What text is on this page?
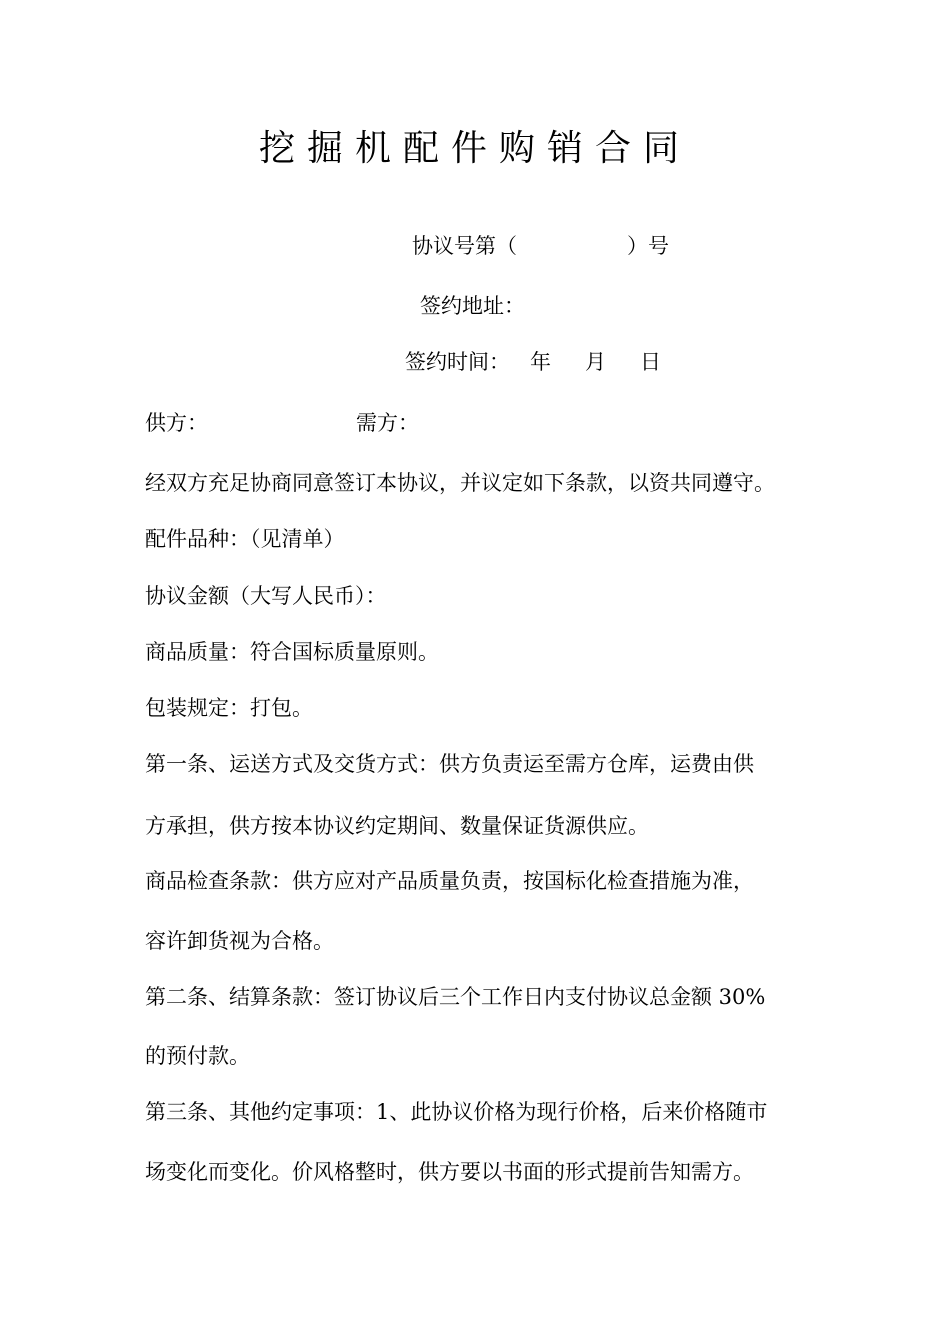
挖掘机配件购销合同
协议号第（	）号
签约地址：
签约时间： 年 月 日
供方：	需方：
经双方充足协商同意签订本协议，并议定如下条款，以资共同遵守。
配件品种：（见清单）
协议金额（大写人民币）：
商品质量：符合国标质量原则。
包装规定：打包。
第一条、运送方式及交货方式：供方负责运至需方仓库，运费由供
方承担，供方按本协议约定期间、数量保证货源供应。
商品检查条款：供方应对产品质量负责，按国标化检查措施为准，
容许卸货视为合格。
第二条、结算条款：签订协议后三个工作日内支付协议总金额 30%
的预付款。
第三条、其他约定事项：1、此协议价格为现行价格，后来价格随市
场变化而变化。价风格整时，供方要以书面的形式提前告知需方。
